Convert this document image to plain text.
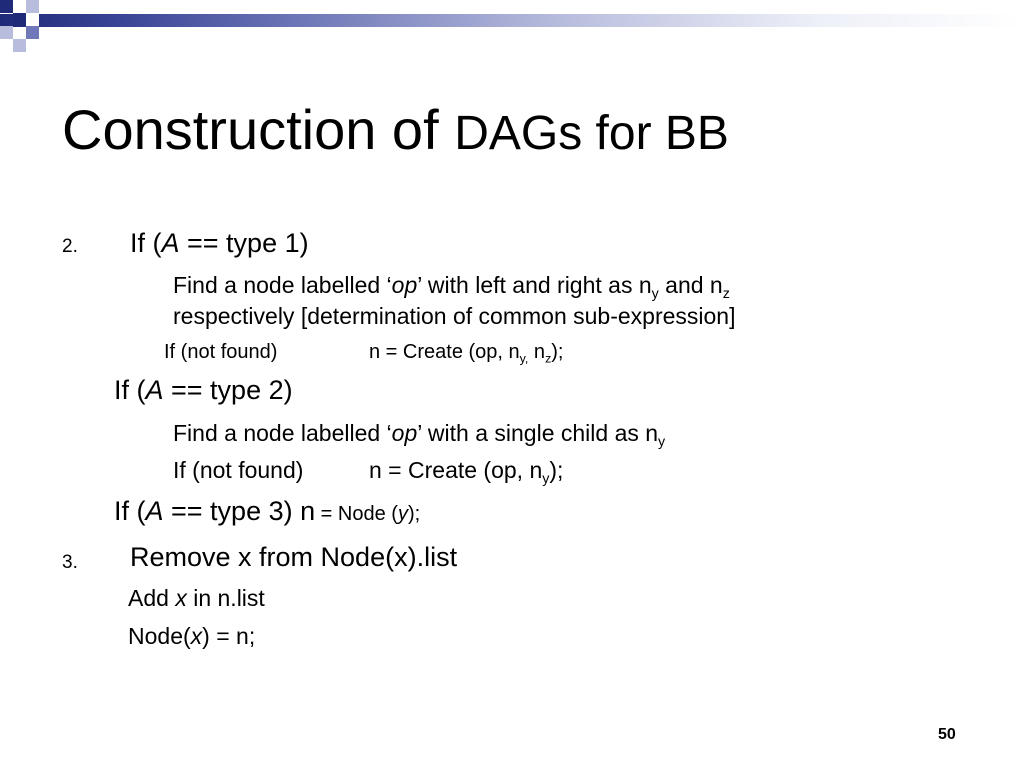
Construction of DAGs for BB
2. If (A == type 1)
Find a node labelled ‘op’ with left and right as $n_y$ and $n_z$
respectively [determination of common sub-expression]
If (not found)	n = Create (op, $n_{y,}$ $n_z$);
If (A == type 2)
Find a node labelled ‘op’ with a single child as $n_y$
If (not found)	n = Create (op, $n_y$);
If (A == type 3) n = Node (y);
3. Remove x from Node(x).list
Add x in n.list
Node(x) = n;
50
